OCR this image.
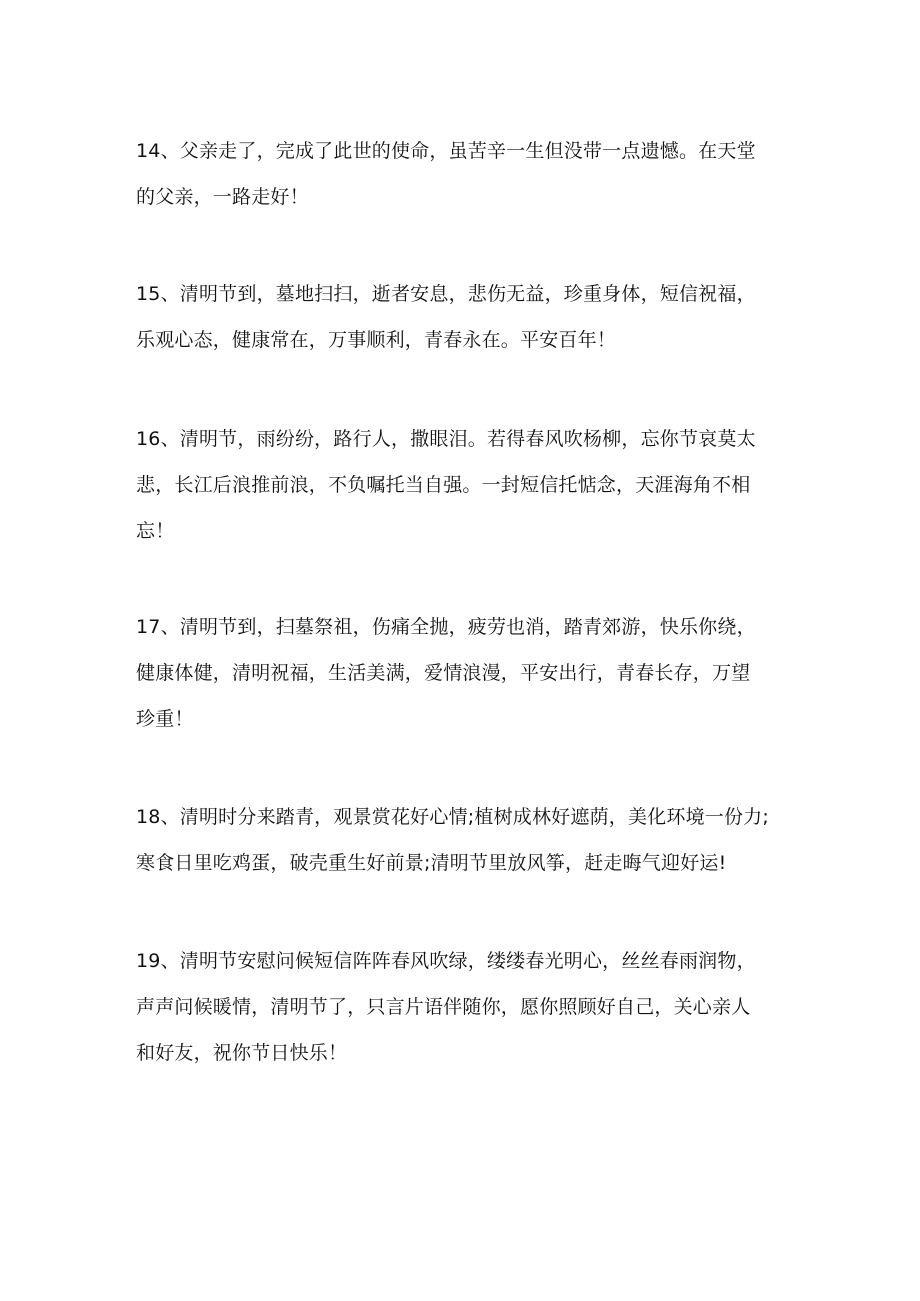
14、父亲走了，完成了此世的使命，虽苦辛一生但没带一点遗憾。在天堂
的父亲，一路走好！

15、清明节到，墓地扫扫，逝者安息，悲伤无益，珍重身体，短信祝福，
乐观心态，健康常在，万事顺利，青春永在。平安百年！

16、清明节，雨纷纷，路行人，撒眼泪。若得春风吹杨柳，忘你节哀莫太
悲，长江后浪推前浪，不负嘱托当自强。一封短信托惦念，天涯海角不相
忘！

17、清明节到，扫墓祭祖，伤痛全抛，疲劳也消，踏青郊游，快乐你绕，
健康体健，清明祝福，生活美满，爱情浪漫，平安出行，青春长存，万望
珍重！

18、清明时分来踏青，观景赏花好心情;植树成林好遮荫，美化环境一份力;
寒食日里吃鸡蛋，破壳重生好前景;清明节里放风筝，赶走晦气迎好运!

19、清明节安慰问候短信阵阵春风吹绿，缕缕春光明心，丝丝春雨润物，
声声问候暖情，清明节了，只言片语伴随你，愿你照顾好自己，关心亲人
和好友，祝你节日快乐！
